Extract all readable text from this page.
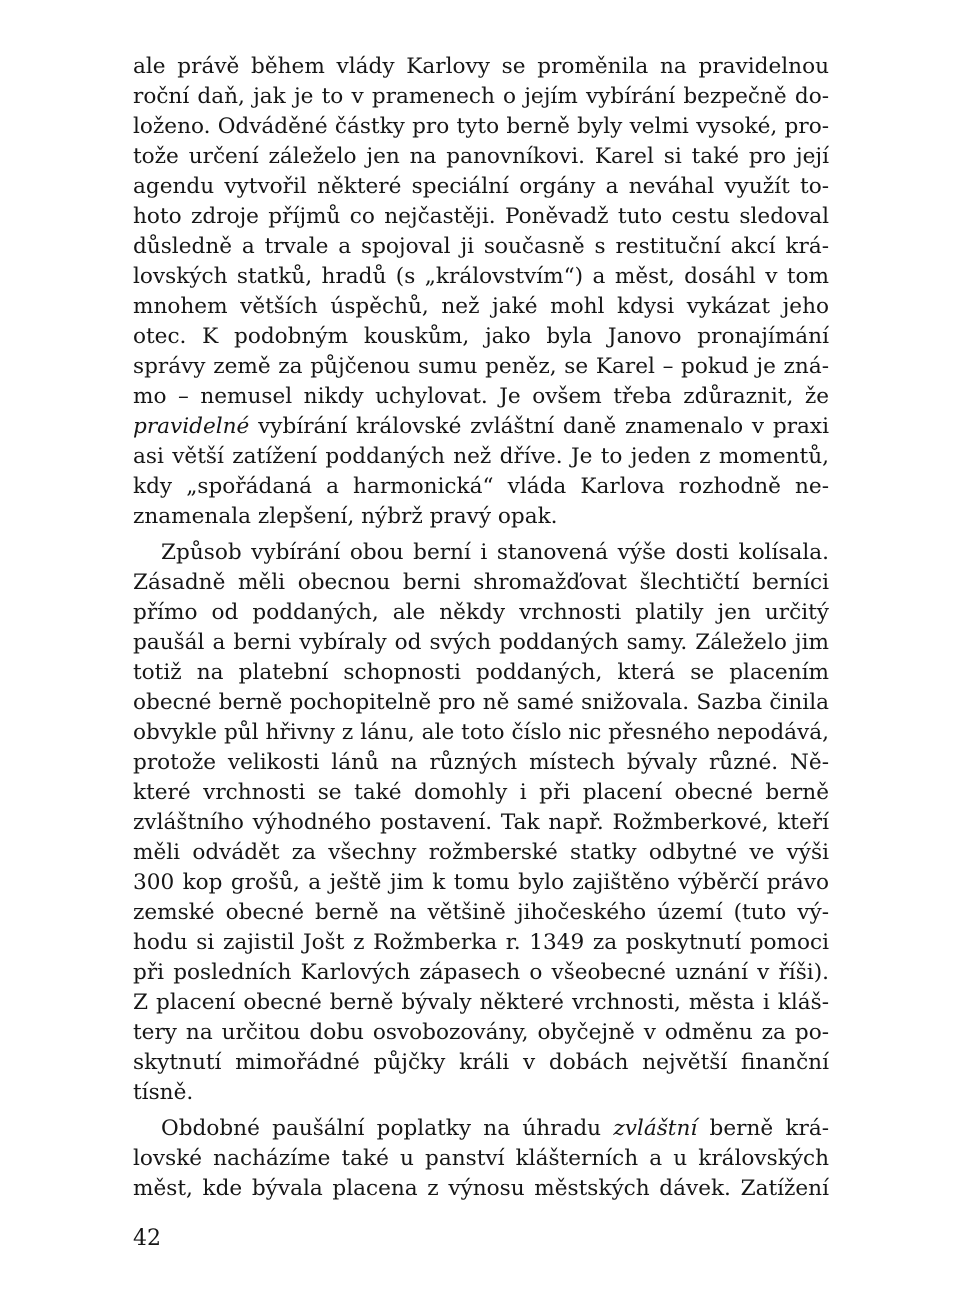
ale právě během vlády Karlovy se proměnila na pravidelnou
roční daň, jak je to v pramenech o jejím vybírání bezpečně do-
loženo. Odváděné částky pro tyto berně byly velmi vysoké, pro-
tože určení záleželo jen na panovníkovi. Karel si také pro její
agendu vytvořil některé speciální orgány a neváhal využít to-
hoto zdroje příjmů co nejčastěji. Poněvadž tuto cestu sledoval
důsledně a trvale a spojoval ji současně s restituční akcí krá-
lovských statků, hradů (s „královstvím“) a měst, dosáhl v tom
mnohem větších úspěchů, než jaké mohl kdysi vykázat jeho
otec. K podobným kouskům, jako byla Janovo pronajímání
správy země za půjčenou sumu peněz, se Karel – pokud je zná-
mo – nemusel nikdy uchylovat. Je ovšem třeba zdůraznit, že
pravidelné vybírání královské zvláštní daně znamenalo v praxi
asi větší zatížení poddaných než dříve. Je to jeden z momentů,
kdy „spořádaná a harmonická“ vláda Karlova rozhodně ne-
znamenala zlepšení, nýbrž pravý opak.
Způsob vybírání obou berní i stanovená výše dosti kolísala.
Zásadně měli obecnou berni shromažďovat šlechtičtí berníci
přímo od poddaných, ale někdy vrchnosti platily jen určitý
paušál a berni vybíraly od svých poddaných samy. Záleželo jim
totiž na platební schopnosti poddaných, která se placením
obecné berně pochopitelně pro ně samé snižovala. Sazba činila
obvykle půl hřivny z lánu, ale toto číslo nic přesného nepodává,
protože velikosti lánů na různých místech bývaly různé. Ně-
které vrchnosti se také domohly i při placení obecné berně
zvláštního výhodného postavení. Tak např. Rožmberkové, kteří
měli odvádět za všechny rožmberské statky odbytné ve výši
300 kop grošů, a ještě jim k tomu bylo zajištěno výběrčí právo
zemské obecné berně na většině jihočeského území (tuto vý-
hodu si zajistil Jošt z Rožmberka r. 1349 za poskytnutí pomoci
při posledních Karlových zápasech o všeobecné uznání v říši).
Z placení obecné berně bývaly některé vrchnosti, města i kláš-
tery na určitou dobu osvobozovány, obyčejně v odměnu za po-
skytnutí mimořádné půjčky králi v dobách největší finanční
tísně.
Obdobné paušální poplatky na úhradu zvláštní berně krá-
lovské nacházíme také u panství klášterních a u královských
měst, kde bývala placena z výnosu městských dávek. Zatížení
42
